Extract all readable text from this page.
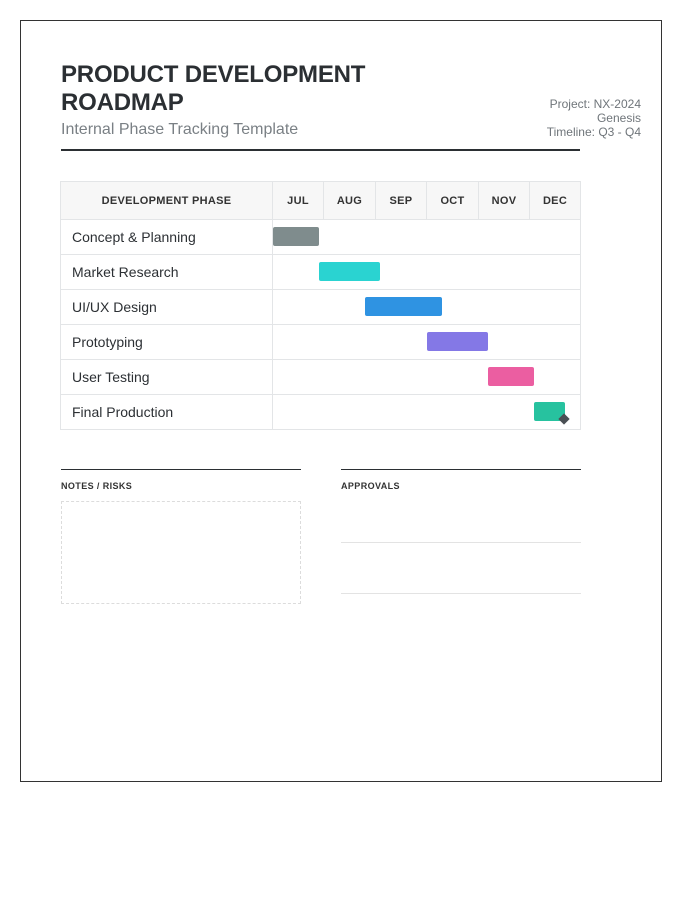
PRODUCT DEVELOPMENT ROADMAP
Internal Phase Tracking Template
Project: NX-2024
Genesis
Timeline: Q3 - Q4
DEVELOPMENT PHASE	JUL	AUG	SEP	OCT	NOV	DEC
Concept & Planning						

Market Research						

UI/UX Design						

Prototyping						

User Testing						

Final Production						
NOTES / RISKS	APPROVALS
